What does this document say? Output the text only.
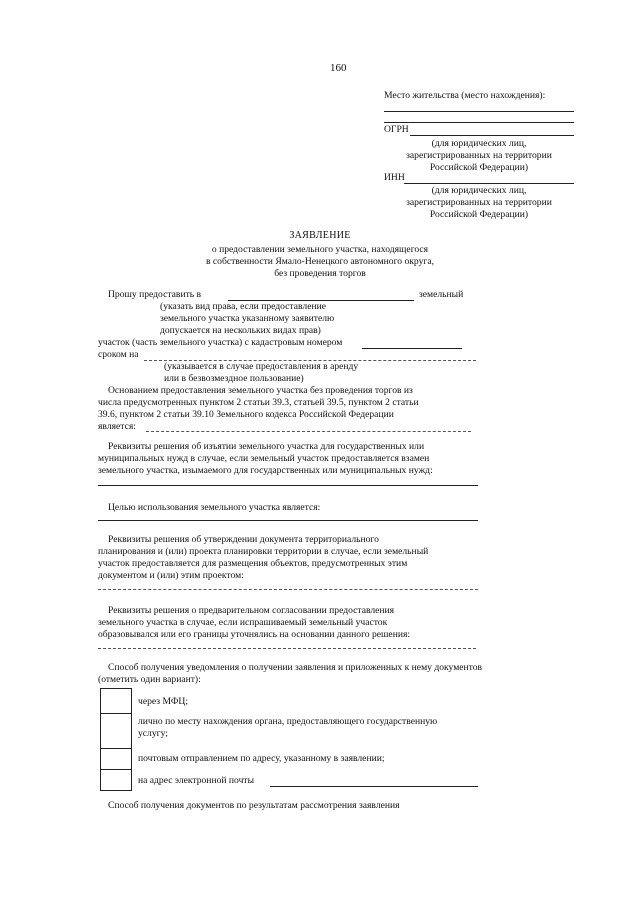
160
Место жительства (место нахождения):
ОГРН
(для юридических лиц,
зарегистрированных на территории
Российской Федерации)
ИНН
(для юридических лиц,
зарегистрированных на территории
Российской Федерации)
ЗАЯВЛЕНИЕ
о предоставлении земельного участка, находящегося
в собственности Ямало-Ненецкого автономного округа,
без проведения торгов
Прошу предоставить в	земельный
(указать вид права, если предоставление
земельного участка указанному заявителю
допускается на нескольких видах прав)
участок (часть земельного участка) с кадастровым номером
сроком на
(указывается в случае предоставления в аренду
или в безвозмездное пользование)
Основанием предоставления земельного участка без проведения торгов из
числа предусмотренных пунктом 2 статьи 39.3, статьей 39.5, пунктом 2 статьи
39.6, пунктом 2 статьи 39.10 Земельного кодекса Российской Федерации
является:
Реквизиты решения об изъятии земельного участка для государственных или
муниципальных нужд в случае, если земельный участок предоставляется взамен
земельного участка, изымаемого для государственных или муниципальных нужд:
Целью использования земельного участка является:
Реквизиты решения об утверждении документа территориального
планирования и (или) проекта планировки территории в случае, если земельный
участок предоставляется для размещения объектов, предусмотренных этим
документом и (или) этим проектом:
Реквизиты решения о предварительном согласовании предоставления
земельного участка в случае, если испрашиваемый земельный участок
образовывался или его границы уточнялись на основании данного решения:
Способ получения уведомления о получении заявления и приложенных к нему документов
(отметить один вариант):
через МФЦ;
лично по месту нахождения органа, предоставляющего государственную
услугу;
почтовым отправлением по адресу, указанному в заявлении;
на адрес электронной почты
Способ получения документов по результатам рассмотрения заявления
